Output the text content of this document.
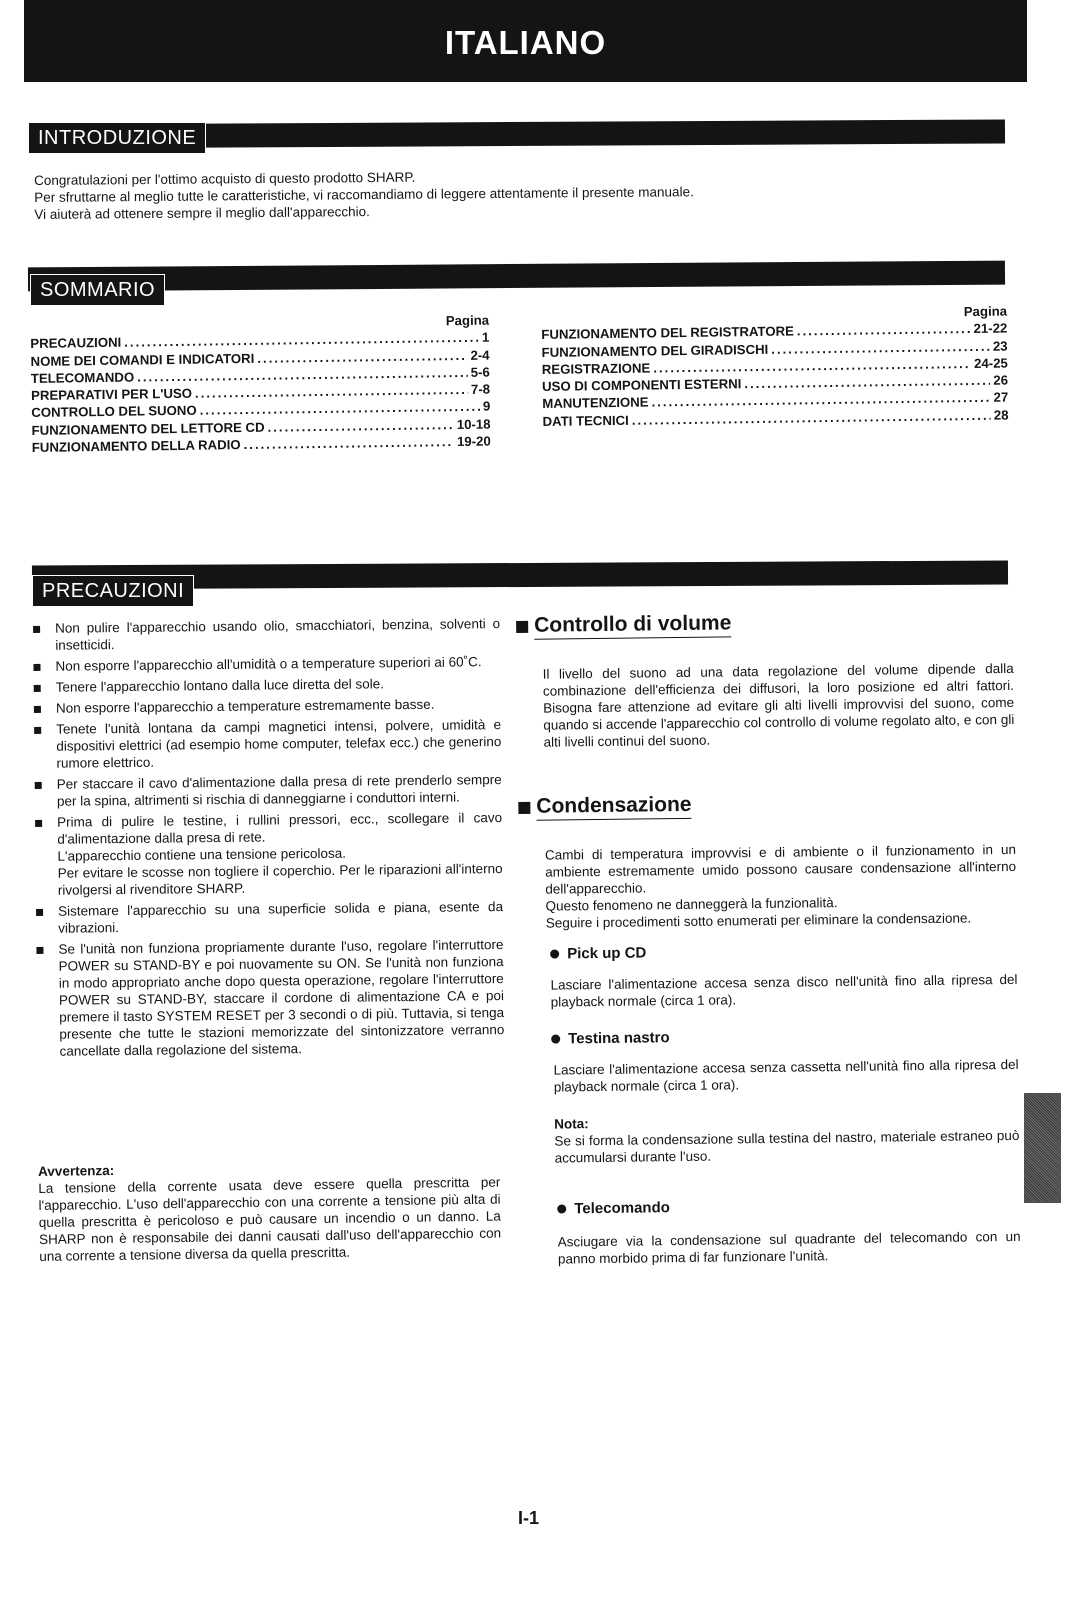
ITALIANO
INTRODUZIONE

Congratulazioni per l'ottimo acquisto di questo prodotto SHARP.

Per sfruttarne al meglio tutte le caratteristiche, vi raccomandiamo di leggere attentamente il presente manuale.

Vi aiuterà ad ottenere sempre il meglio dall'apparecchio.

SOMMARIO
Pagina
PRECAUZIONI .....	1
NOME DEI COMANDI E INDICATORI .....	2-4
TELECOMANDO .....	5-6
PREPARATIVI PER L'USO .....	7-8
CONTROLLO DEL SUONO .....	9
FUNZIONAMENTO DEL LETTORE CD .....	10-18
FUNZIONAMENTO DELLA RADIO .....	19-20
Pagina
FUNZIONAMENTO DEL REGISTRATORE .....	21-22
FUNZIONAMENTO DEL GIRADISCHI .....	23
REGISTRAZIONE .....	24-25
USO DI COMPONENTI ESTERNI .....	26
MANUTENZIONE .....	27
DATI TECNICI .....	28
PRECAUZIONI

Non pulire l'apparecchio usando olio, smacchiatori, benzina, solventi o insetticidi.

Non esporre l'apparecchio all'umidità o a temperature superiori ai 60˚C.

Tenere l'apparecchio lontano dalla luce diretta del sole.

Non esporre l'apparecchio a temperature estremamente basse.

Tenete l'unità lontana da campi magnetici intensi, polvere, umidità e dispositivi elettrici (ad esempio home computer, telefax ecc.) che generino rumore elettrico.

Per staccare il cavo d'alimentazione dalla presa di rete prenderlo sempre per la spina, altrimenti si rischia di danneggiarne i conduttori interni.

Prima di pulire le testine, i rullini pressori, ecc., scollegare il cavo d'alimentazione dalla presa di rete.

L'apparecchio contiene una tensione pericolosa.

Per evitare le scosse non togliere il coperchio. Per le riparazioni all'interno rivolgersi al rivenditore SHARP.

Sistemare l'apparecchio su una superficie solida e piana, esente da vibrazioni.

Se l'unità non funziona propriamente durante l'uso, regolare l'interruttore POWER su STAND-BY e poi nuovamente su ON. Se l'unità non funziona in modo appropriato anche dopo questa operazione, regolare l'interruttore POWER su STAND-BY, staccare il cordone di alimentazione CA e poi premere il tasto SYSTEM RESET per 3 secondi o di più. Tuttavia, si tenga presente che tutte le stazioni memorizzate del sintonizzatore verranno cancellate dalla regolazione del sistema.

Avvertenza:
La tensione della corrente usata deve essere quella prescritta per l'apparecchio. L'uso dell'apparecchio con una corrente a tensione più alta di quella prescritta è pericoloso e può causare un incendio o un danno. La SHARP non è responsabile dei danni causati dall'uso dell'apparecchio con una corrente a tensione diversa da quella prescritta.
Controllo di volume
Il livello del suono ad una data regolazione del volume dipende dalla combinazione dell'efficienza dei diffusori, la loro posizione ed altri fattori. Bisogna fare attenzione ad evitare gli alti livelli improvvisi del suono, come quando si accende l'apparecchio col controllo di volume regolato alto, e con gli alti livelli continui del suono.
Condensazione

Cambi di temperatura improvvisi e di ambiente o il funzionamento in un ambiente estremamente umido possono causare condensazione all'interno dell'apparecchio.

Questo fenomeno ne danneggerà la funzionalità.

Seguire i procedimenti sotto enumerati per eliminare la condensazione.

Pick up CD
Lasciare l'alimentazione accesa senza disco nell'unità fino alla ripresa del playback normale (circa 1 ora).
Testina nastro
Lasciare l'alimentazione accesa senza cassetta nell'unità fino alla ripresa del playback normale (circa 1 ora).
Nota:
Se si forma la condensazione sulla testina del nastro, materiale estraneo può accumularsi durante l'uso.
Telecomando
Asciugare via la condensazione sul quadrante del telecomando con un panno morbido prima di far funzionare l'unità.
I-1
